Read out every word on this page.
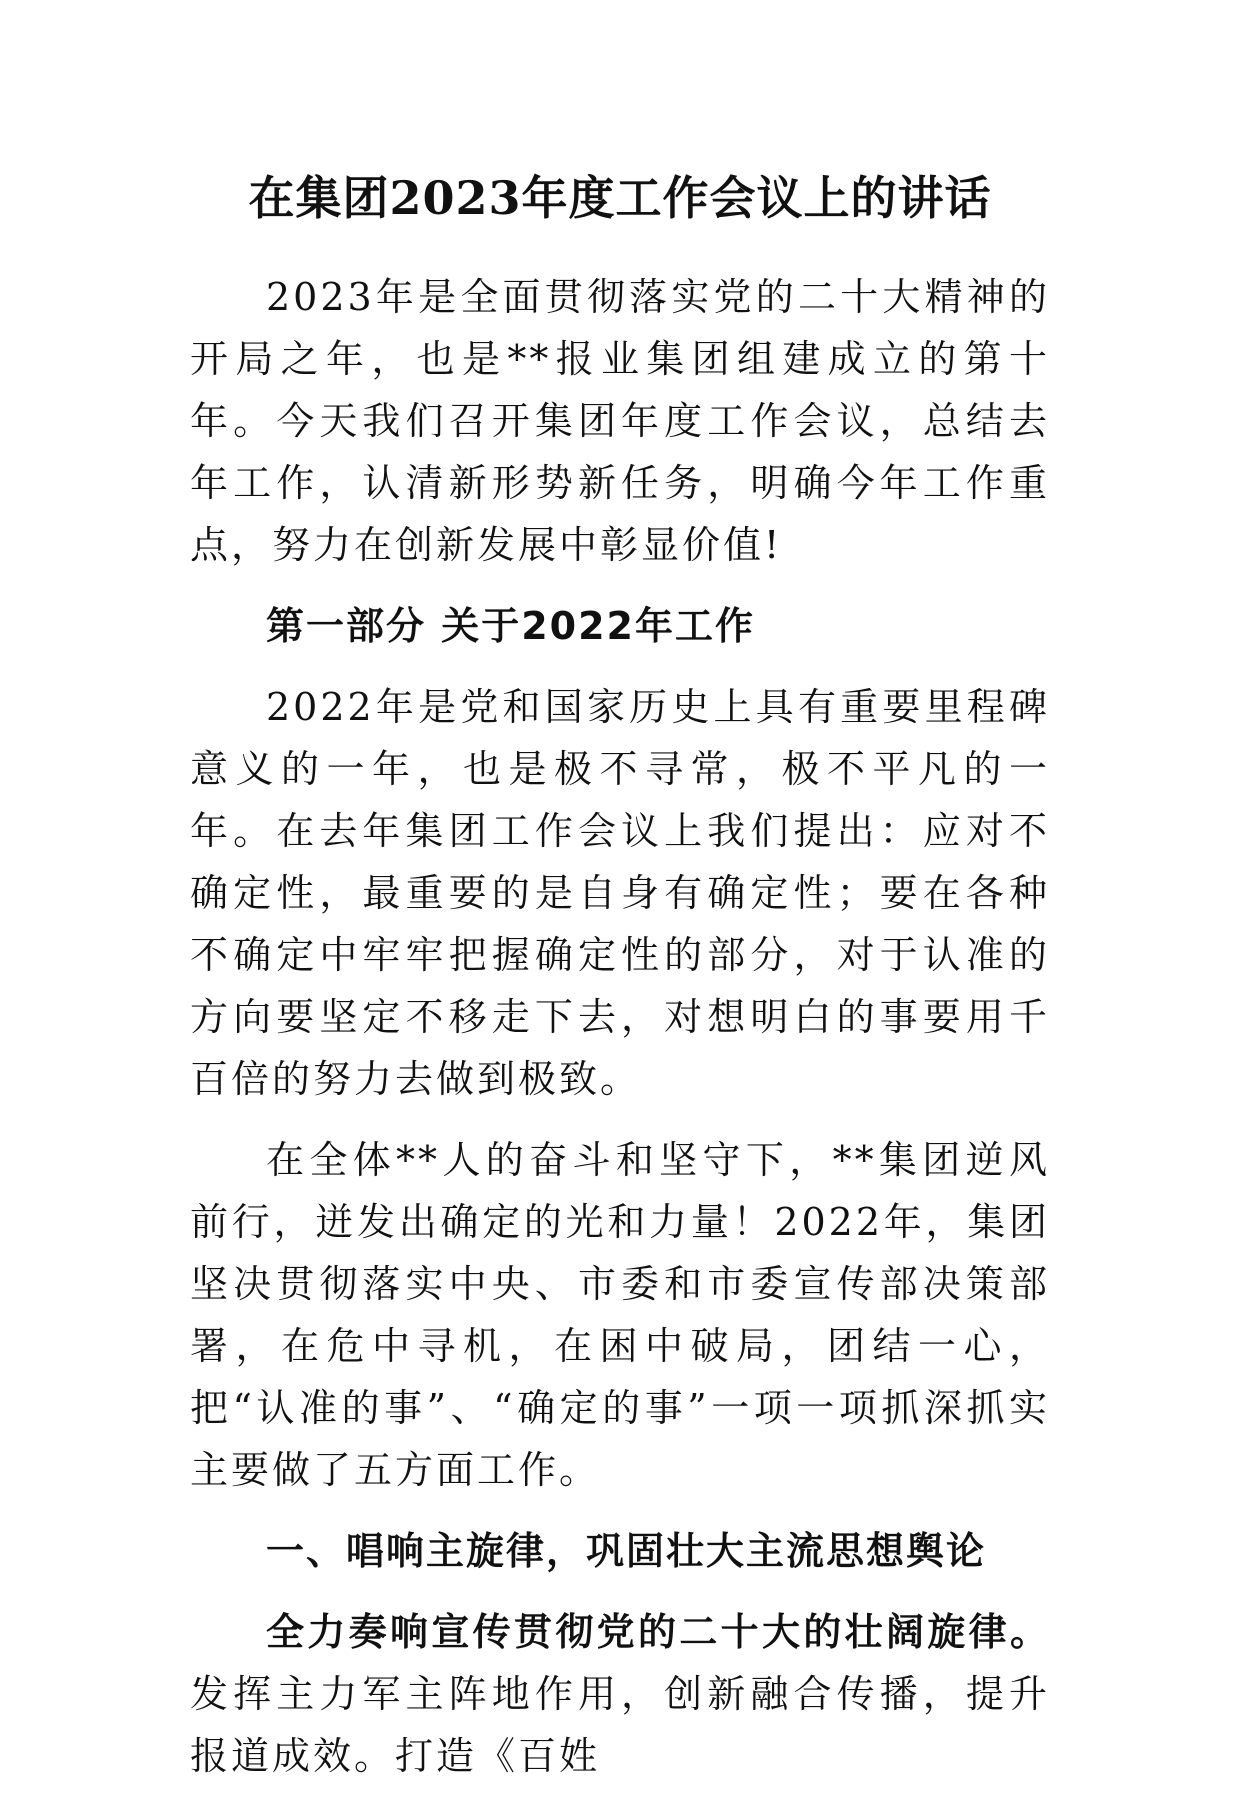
在集团2023年度工作会议上的讲话

2023年是全面贯彻落实党的二十大精神的开局之年，也是**报业集团组建成立的第十年。今天我们召开集团年度工作会议，总结去年工作，认清新形势新任务，明确今年工作重点，努力在创新发展中彰显价值!

第一部分 关于2022年工作

2022年是党和国家历史上具有重要里程碑意义的一年，也是极不寻常，极不平凡的一年。在去年集团工作会议上我们提出：应对不确定性，最重要的是自身有确定性；要在各种不确定中牢牢把握确定性的部分，对于认准的方向要坚定不移走下去，对想明白的事要用千百倍的努力去做到极致。

在全体**人的奋斗和坚守下，**集团逆风前行，迸发出确定的光和力量！2022年，集团坚决贯彻落实中央、市委和市委宣传部决策部署，在危中寻机，在困中破局，团结一心，把“认准的事”、“确定的事”一项一项抓深抓实主要做了五方面工作。

一、唱响主旋律，巩固壮大主流思想舆论

全力奏响宣传贯彻党的二十大的壮阔旋律。发挥主力军主阵地作用，创新融合传播，提升报道成效。打造《百姓
